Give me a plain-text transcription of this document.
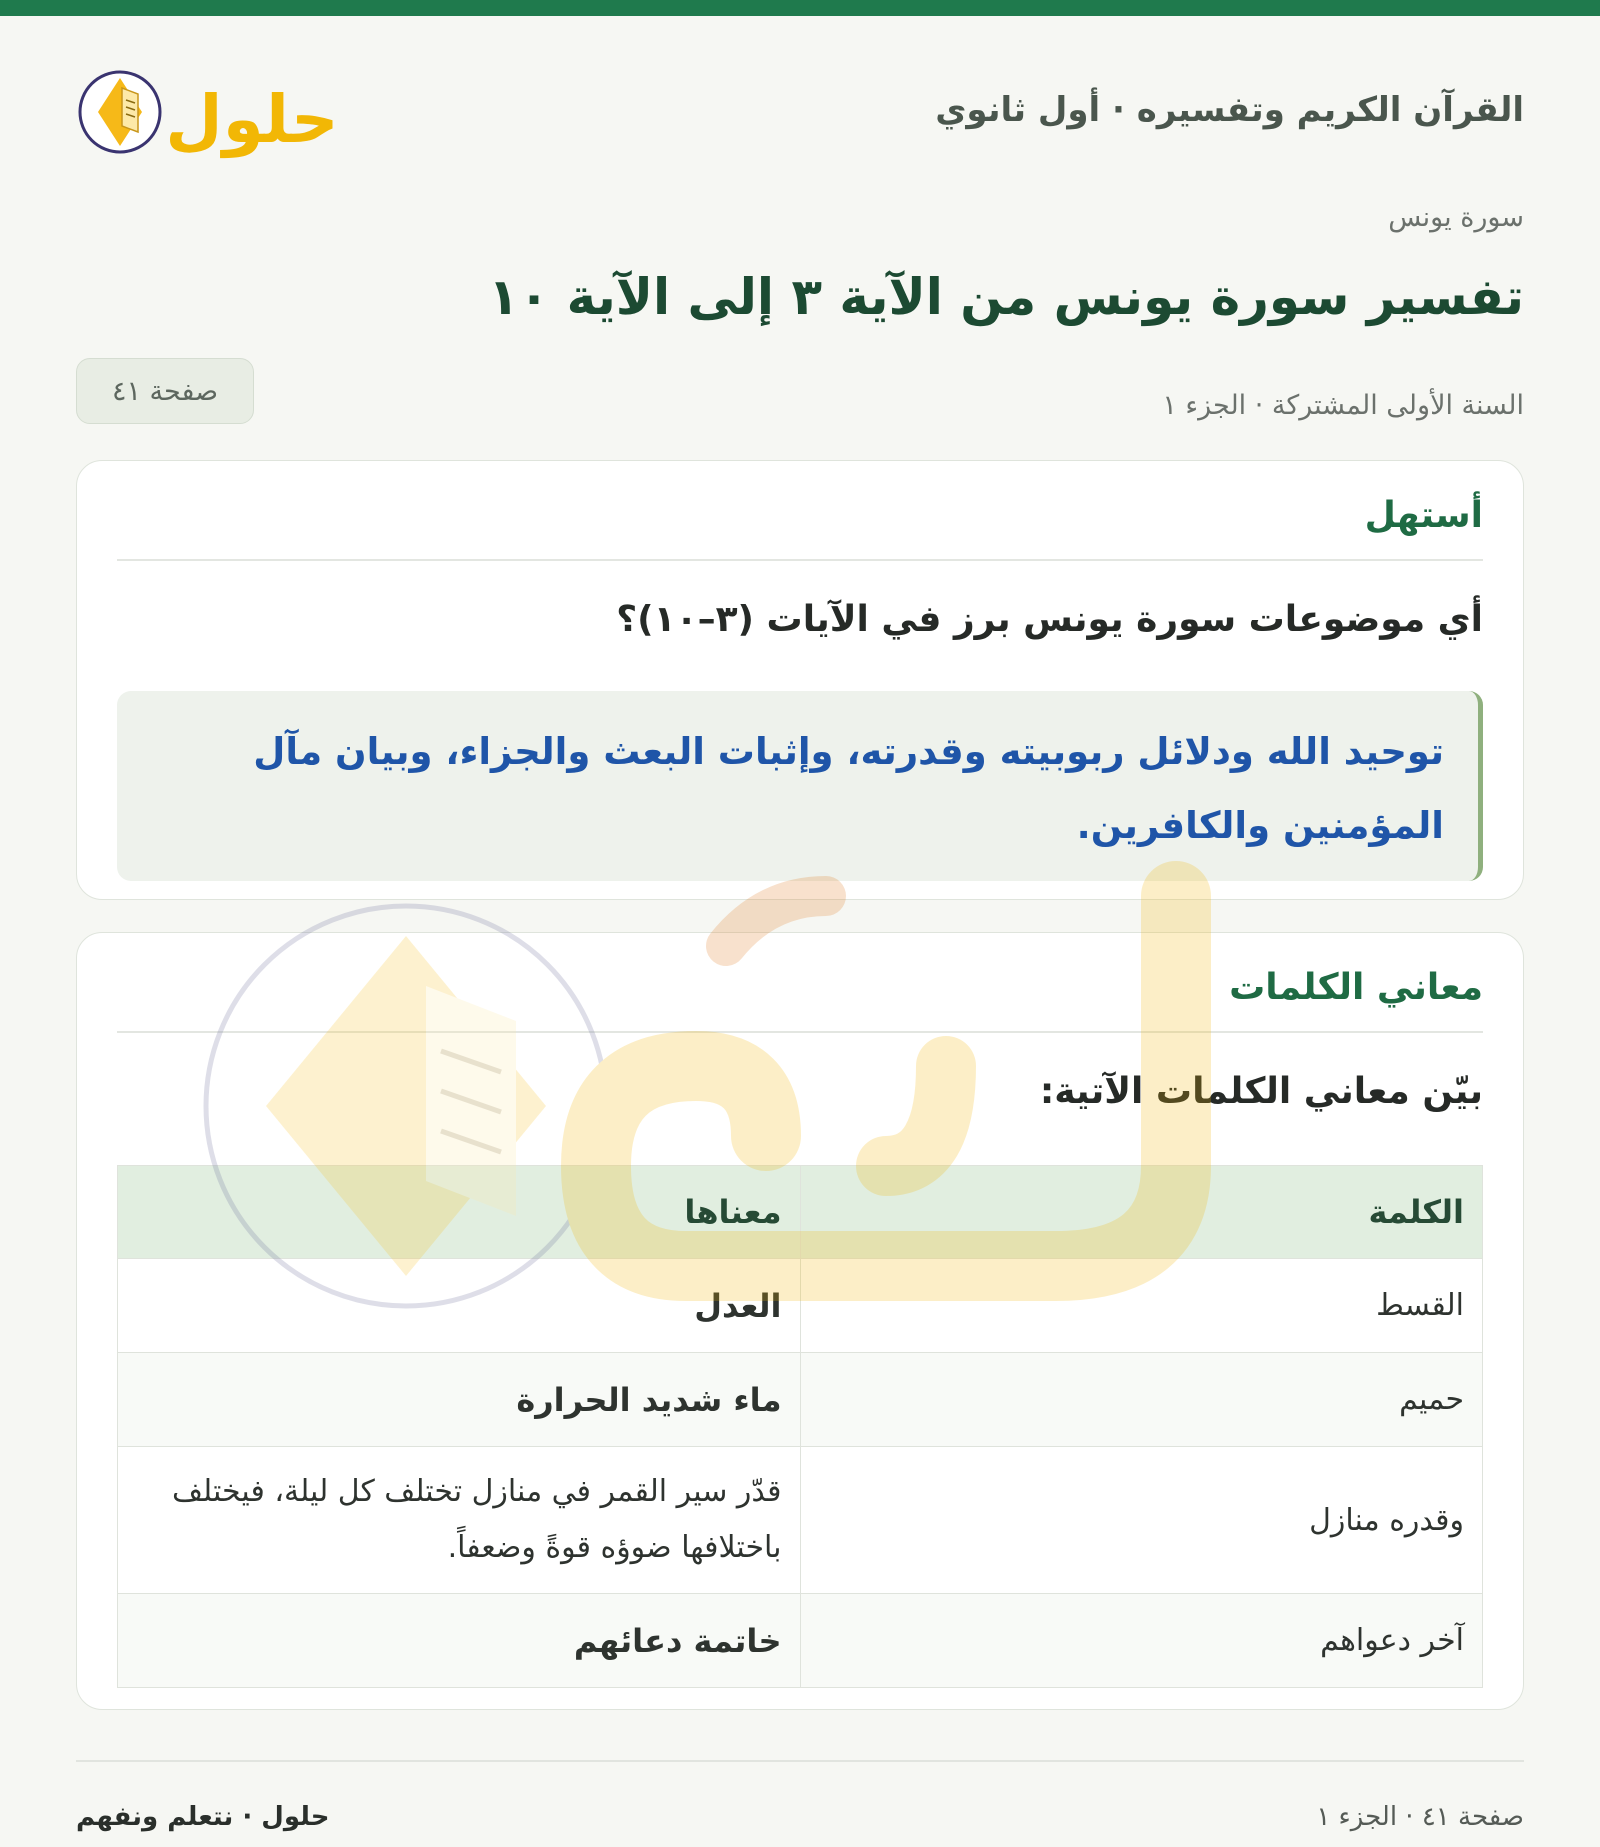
القرآن الكريم وتفسيره · أول ثانوي
حلول
سورة يونس
تفسير سورة يونس من الآية ٣ إلى الآية ١٠
السنة الأولى المشتركة · الجزء ١
صفحة ٤١
أستهل
أي موضوعات سورة يونس برز في الآيات (٣–١٠)؟
توحيد الله ودلائل ربوبيته وقدرته، وإثبات البعث والجزاء، وبيان مآل المؤمنين والكافرين.
معاني الكلمات
بيّن معاني الكلمات الآتية:
الكلمة	معناها
القسط	العدل
حميم	ماء شديد الحرارة
وقدره منازل	قدّر سير القمر في منازل تختلف كل ليلة، فيختلف باختلافها ضوؤه قوةً وضعفاً.
آخر دعواهم	خاتمة دعائهم
حلول · نتعلم ونفهم	صفحة ٤١ · الجزء ١
